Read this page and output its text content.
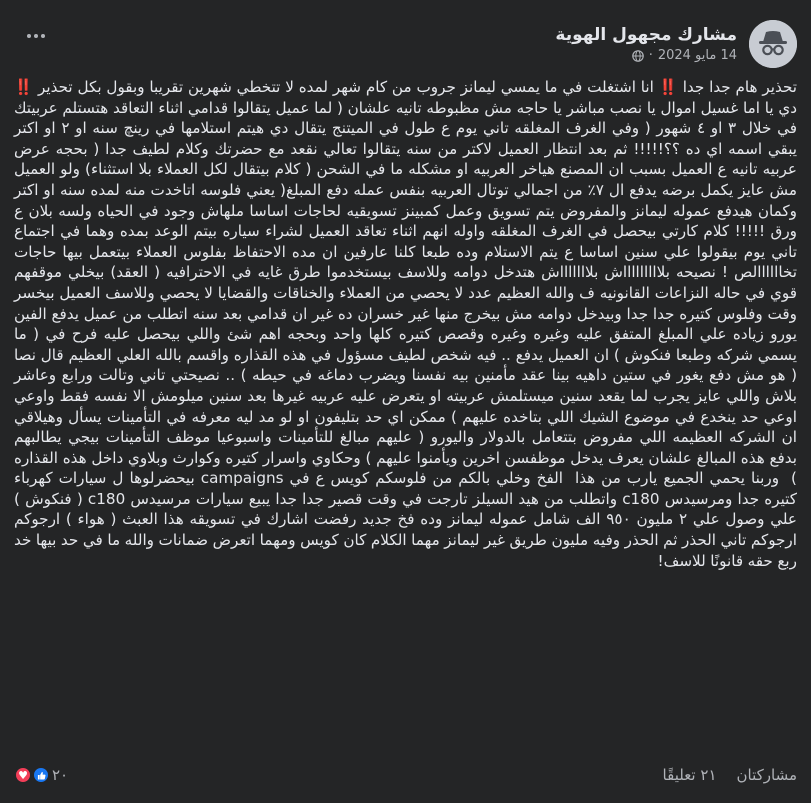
مشارك مجهول الهوية
14 مايو 2024
·
تحذير هام جدا جدا ‼️ انا اشتغلت في ما يمسي ليمانز جروب من كام شهر لمده لا تتخطي شهرين تقريبا وبقول بكل تحذير ‼️ دي يا اما غسيل اموال يا نصب مباشر يا حاجه مش مظبوطه تانيه علشان ( لما عميل يتقالوا قدامي اثناء التعاقد هتستلم عربيتك في خلال ٣ او ٤ شهور ( وفي الغرف المغلقه تاني يوم ع طول في الميتنج يتقال دي هيتم استلامها في رينچ سنه او ٢ او اكتر يبقي اسمه اي ده ؟؟!!!!! ثم بعد انتظار العميل لاكتر من سنه يتقالوا تعالي نقعد مع حضرتك وكلام لطيف جدا ( بحجه عرض عربيه تانيه ع العميل بسبب ان المصنع هياخر العربيه او مشكله ما في الشحن ( كلام بيتقال لكل العملاء بلا استثناء) ولو العميل مش عايز يكمل برضه يدفع ال ٧٪ من اجمالي توتال العربيه بنفس عمله دفع المبلغ( يعني فلوسه اتاخدت منه لمده سنه او اكتر وكمان هيدفع عموله ليمانز والمفروض يتم تسويق وعمل كمبينز تسويقيه لحاجات اساسا ملهاش وجود في الحياه ولسه بلان ع ورق !!!!! كلام كارتي بيحصل في الغرف المغلقه واوله انهم اثناء تعاقد العميل لشراء سياره بيتم الوعد بمده وهما في اجتماع تاني يوم بيقولوا علي سنين اساسا ع يتم الاستلام وده طبعا كلنا عارفين ان مده الاحتفاظ بفلوس العملاء بيتعمل بيها حاجات تخاااااالص ! نصيحه بلاااااااااش بلاااااااش هتدخل دوامه وللاسف بيستخدموا طرق غايه في الاحترافيه ( العقد) بيخلي موقفهم قوي في حاله النزاعات القانونيه ف والله العظيم عدد لا يحصي من العملاء والخناقات والقضايا لا يحصي وللاسف العميل بيخسر وقت وفلوس كتيره جدا جدا وبيدخل دوامه مش بيخرج منها غير خسران ده غير ان قدامي بعد سنه اتطلب من عميل يدفع الفين يورو زياده علي المبلغ المتفق عليه وغيره وغيره وقصص كتيره كلها واحد وبحجه اهم شئ واللي بيحصل عليه فرح في ( ما يسمي شركه وطبعا فنكوش ) ان العميل يدفع .. فيه شخص لطيف مسؤول في هذه القذاره واقسم بالله العلي العظيم قال نصا ( هو مش دفع يغور في ستين داهيه بينا عقد مأمنين بيه نفسنا ويضرب دماغه في حيطه ) .. نصيحتي تاني وتالت ورابع وعاشر بلاش واللي عايز يجرب لما يقعد سنين ميستلمش عربيته او يتعرض عليه عربيه غيرها بعد سنين ميلومش الا نفسه فقط واوعي اوعي حد ينخدع في موضوع الشيك اللي بتاخده عليهم ) ممكن اي حد بتليفون او لو مد ليه معرفه في التأمينات يسأل وهيلاقي ان الشركه العظيمه اللي مفروض بتتعامل بالدولار واليورو ( عليهم مبالغ للتأمينات واسبوعيا موظف التأمينات بيجي يطالبهم بدفع هذه المبالغ علشان يعرف يدخل موظفسن اخرين ويأمنوا عليهم ) وحكاوي واسرار كتيره وكوارث وبلاوي داخل هذه القذاره )  وربنا يحمي الجميع يارب من هذا  الفخ وخلي بالكم من فلوسكم كويس ع في campaigns بيحضرلوها ل سيارات كهرباء كتيره جدا ومرسيدس c180 واتطلب من هيد السيلز تارجت في وقت قصير جدا جدا يبيع سيارات مرسيدس c180 ( فنكوش ) علي وصول علي ٢ مليون ٩٥٠ الف شامل عموله ليمانز وده فخ جديد رفضت اشارك في تسويقه هذا العبث ( هواء ) ارجوكم ارجوكم تاني الحذر ثم الحذر وفيه مليون طريق غير ليمانز مهما الكلام كان كويس ومهما اتعرض ضمانات والله ما في حد بيها خد ربع حقه قانونًا للاسف!
مشاركتان
٢١ تعليقًا
٢٠
♥
